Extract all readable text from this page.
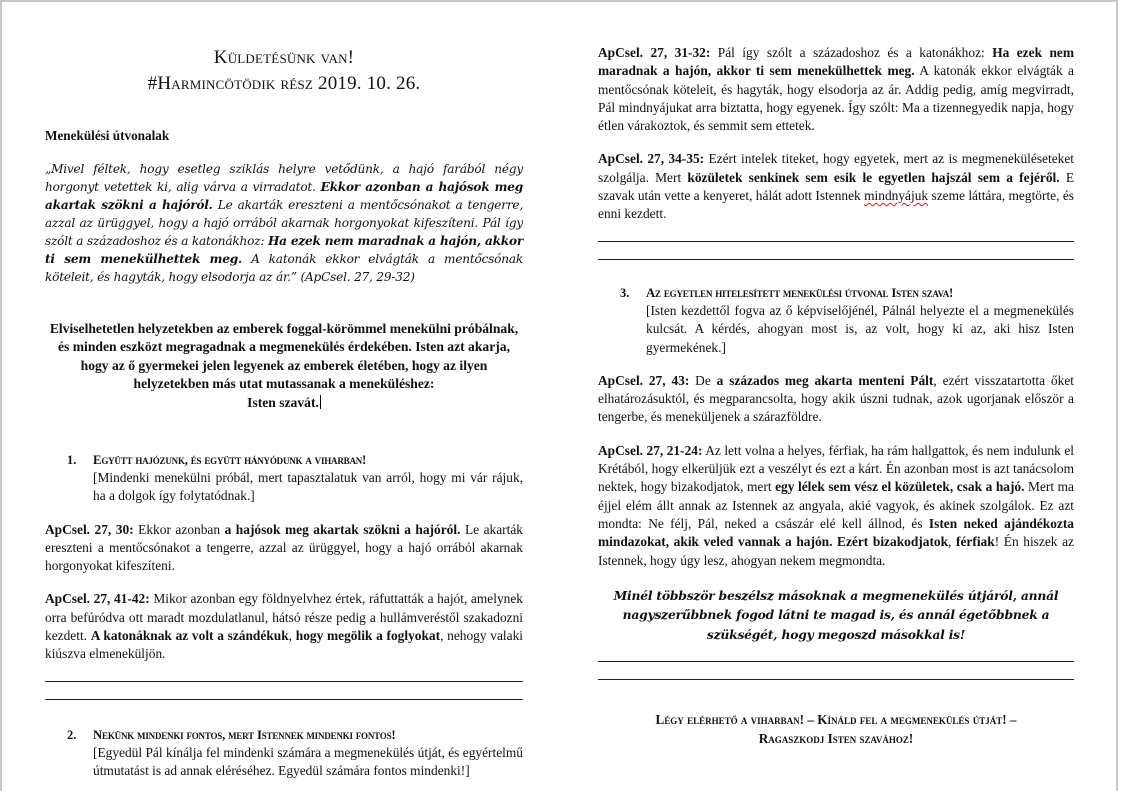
Küldetésünk van!
#Harmincötödik rész 2019. 10. 26.
Menekülési útvonalak
„Mivel féltek, hogy esetleg sziklás helyre vetődünk, a hajó farából négy horgonyt vetettek ki, alig várva a virradatot. Ekkor azonban a hajósok meg akartak szökni a hajóról. Le akarták ereszteni a mentőcsónakot a tengerre, azzal az ürüggyel, hogy a hajó orrából akarnak horgonyokat kifeszíteni. Pál így szólt a századoshoz és a katonákhoz: Ha ezek nem maradnak a hajón, akkor ti sem menekülhettek meg. A katonák ekkor elvágták a mentőcsónak köteleit, és hagyták, hogy elsodorja az ár.” (ApCsel. 27, 29-32)
Elviselhetetlen helyzetekben az emberek foggal-körömmel menekülni próbálnak, és minden eszközt megragadnak a megmenekülés érdekében. Isten azt akarja, hogy az ő gyermekei jelen legyenek az emberek életében, hogy az ilyen helyzetekben más utat mutassanak a meneküléshez:
Isten szavát.
1. Együtt hajózunk, és együtt hányódunk a viharban!
[Mindenki menekülni próbál, mert tapasztalatuk van arról, hogy mi vár rájuk, ha a dolgok így folytatódnak.]
ApCsel. 27, 30: Ekkor azonban a hajósok meg akartak szökni a hajóról. Le akarták ereszteni a mentőcsónakot a tengerre, azzal az ürüggyel, hogy a hajó orrából akarnak horgonyokat kifeszíteni.
ApCsel. 27, 41-42: Mikor azonban egy földnyelvhez értek, ráfuttatták a hajót, amelynek orra befúródva ott maradt mozdulatlanul, hátsó része pedig a hullámveréstől szakadozni kezdett. A katonáknak az volt a szándékuk, hogy megölik a foglyokat, nehogy valaki kiúszva elmeneküljön.
2. Nekünk mindenki fontos, mert Istennek mindenki fontos!
[Egyedül Pál kínálja fel mindenki számára a megmenekülés útját, és egyértelmű útmutatást is ad annak eléréséhez. Egyedül számára fontos mindenki!]
ApCsel. 27, 31-32: Pál így szólt a századoshoz és a katonákhoz: Ha ezek nem maradnak a hajón, akkor ti sem menekülhettek meg. A katonák ekkor elvágták a mentőcsónak köteleit, és hagyták, hogy elsodorja az ár. Addig pedig, amíg megvirradt, Pál mindnyájukat arra biztatta, hogy egyenek. Így szólt: Ma a tizennegyedik napja, hogy étlen várakoztok, és semmit sem ettetek.
ApCsel. 27, 34-35: Ezért intelek titeket, hogy egyetek, mert az is megmeneküléseteket szolgálja. Mert közületek senkinek sem esik le egyetlen hajszál sem a fejéről. E szavak után vette a kenyeret, hálát adott Istennek mindnyájuk szeme láttára, megtörte, és enni kezdett.
3. Az egyetlen hitelesített menekülési útvonal Isten szava!
[Isten kezdettől fogva az ő képviselőjénél, Pálnál helyezte el a megmenekülés kulcsát. A kérdés, ahogyan most is, az volt, hogy ki az, aki hisz Isten gyermekének.]
ApCsel. 27, 43: De a százados meg akarta menteni Pált, ezért visszatartotta őket elhatározásuktól, és megparancsolta, hogy akik úszni tudnak, azok ugorjanak először a tengerbe, és meneküljenek a szárazföldre.
ApCsel. 27, 21-24: Az lett volna a helyes, férfiak, ha rám hallgattok, és nem indulunk el Krétából, hogy elkerüljük ezt a veszélyt és ezt a kárt. Én azonban most is azt tanácsolom nektek, hogy bizakodjatok, mert egy lélek sem vész el közületek, csak a hajó. Mert ma éjjel elém állt annak az Istennek az angyala, akié vagyok, és akinek szolgálok. Ez azt mondta: Ne félj, Pál, neked a császár elé kell állnod, és Isten neked ajándékozta mindazokat, akik veled vannak a hajón. Ezért bizakodjatok, férfiak! Én hiszek az Istennek, hogy úgy lesz, ahogyan nekem megmondta.
Minél többször beszélsz másoknak a megmenekülés útjáról, annál nagyszerűbbnek fogod látni te magad is, és annál égetőbbnek a szükségét, hogy megoszd másokkal is!
Légy elérhető a viharban! – Kínáld fel a megmenekülés útját! –
Ragaszkodj Isten szavához!
